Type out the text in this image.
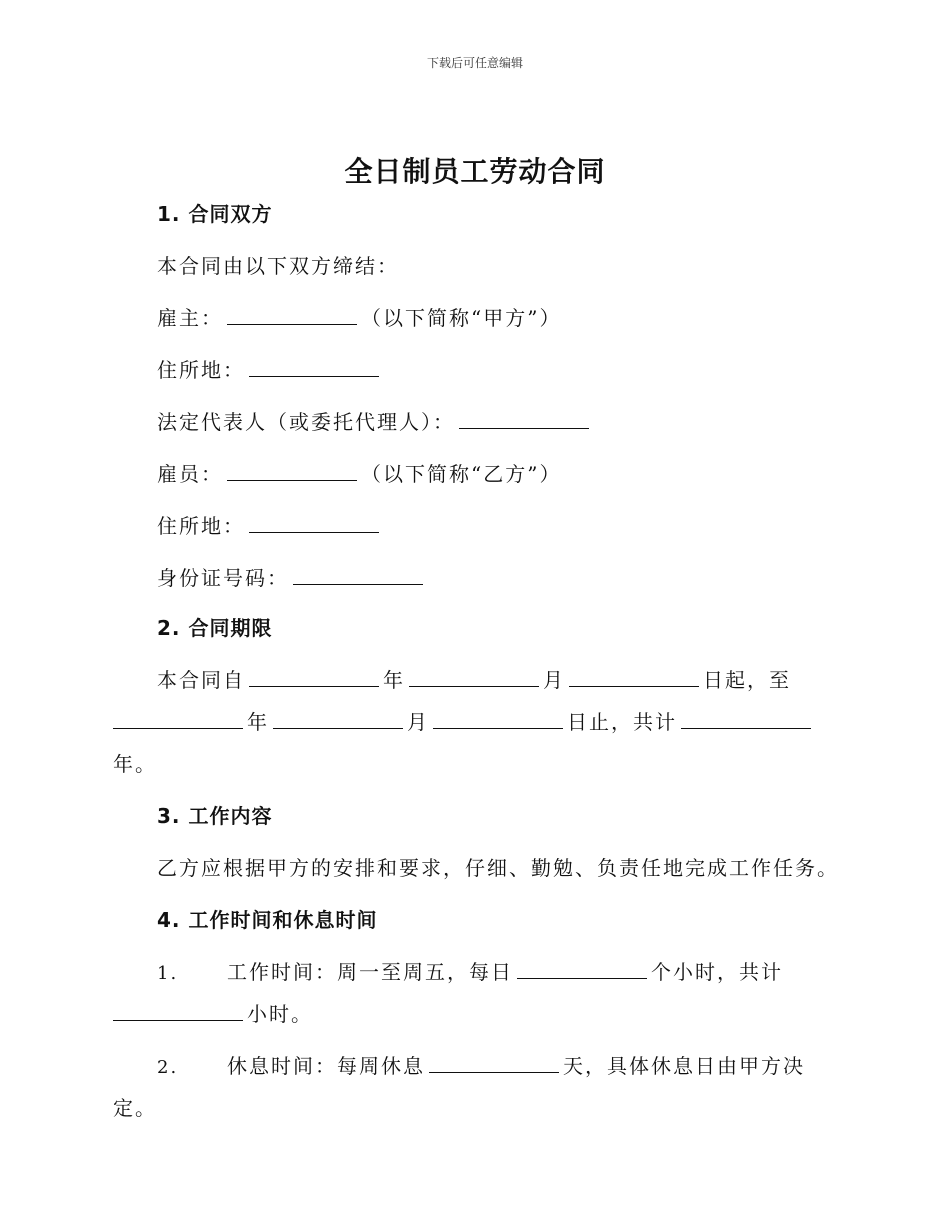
下载后可任意编辑
全日制员工劳动合同
1. 合同双方
本合同由以下双方缔结：
雇主：	（以下简称“甲方”）
住所地：
法定代表人（或委托代理人）：
雇员：	（以下简称“乙方”）
住所地：
身份证号码：
2. 合同期限
本合同自	年	月	日起，至
年	月	日止，共计
年。
3. 工作内容
乙方应根据甲方的安排和要求，仔细、勤勉、负责任地完成工作任务。
4. 工作时间和休息时间
1. 工作时间：周一至周五，每日	个小时，共计
小时。
2. 休息时间：每周休息	天，具体休息日由甲方决
定。
